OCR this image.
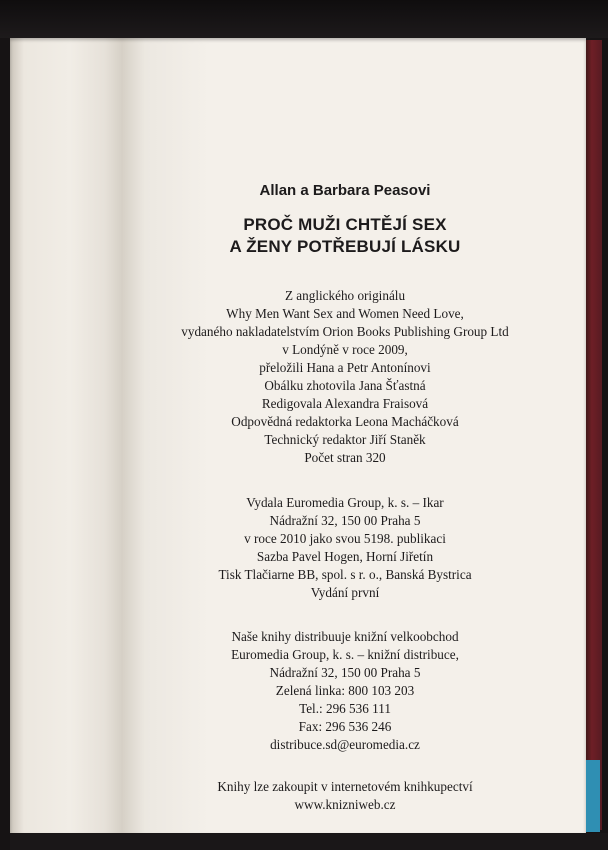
Allan a Barbara Peasovi

PROČ MUŽI CHTĚJÍ SEX

A ŽENY POTŘEBUJÍ LÁSKU

Z anglického originálu

Why Men Want Sex and Women Need Love,

vydaného nakladatelstvím Orion Books Publishing Group Ltd

v Londýně v roce 2009,

přeložili Hana a Petr Antonínovi

Obálku zhotovila Jana Šťastná

Redigovala Alexandra Fraisová

Odpovědná redaktorka Leona Macháčková

Technický redaktor Jiří Staněk

Počet stran 320

Vydala Euromedia Group, k. s. – Ikar

Nádražní 32, 150 00 Praha 5

v roce 2010 jako svou 5198. publikaci

Sazba Pavel Hogen, Horní Jiřetín

Tisk Tlačiarne BB, spol. s r. o., Banská Bystrica

Vydání první

Naše knihy distribuuje knižní velkoobchod

Euromedia Group, k. s. – knižní distribuce,

Nádražní 32, 150 00 Praha 5

Zelená linka: 800 103 203

Tel.: 296 536 111

Fax: 296 536 246

distribuce.sd@euromedia.cz

Knihy lze zakoupit v internetovém knihkupectví

www.knizniweb.cz
